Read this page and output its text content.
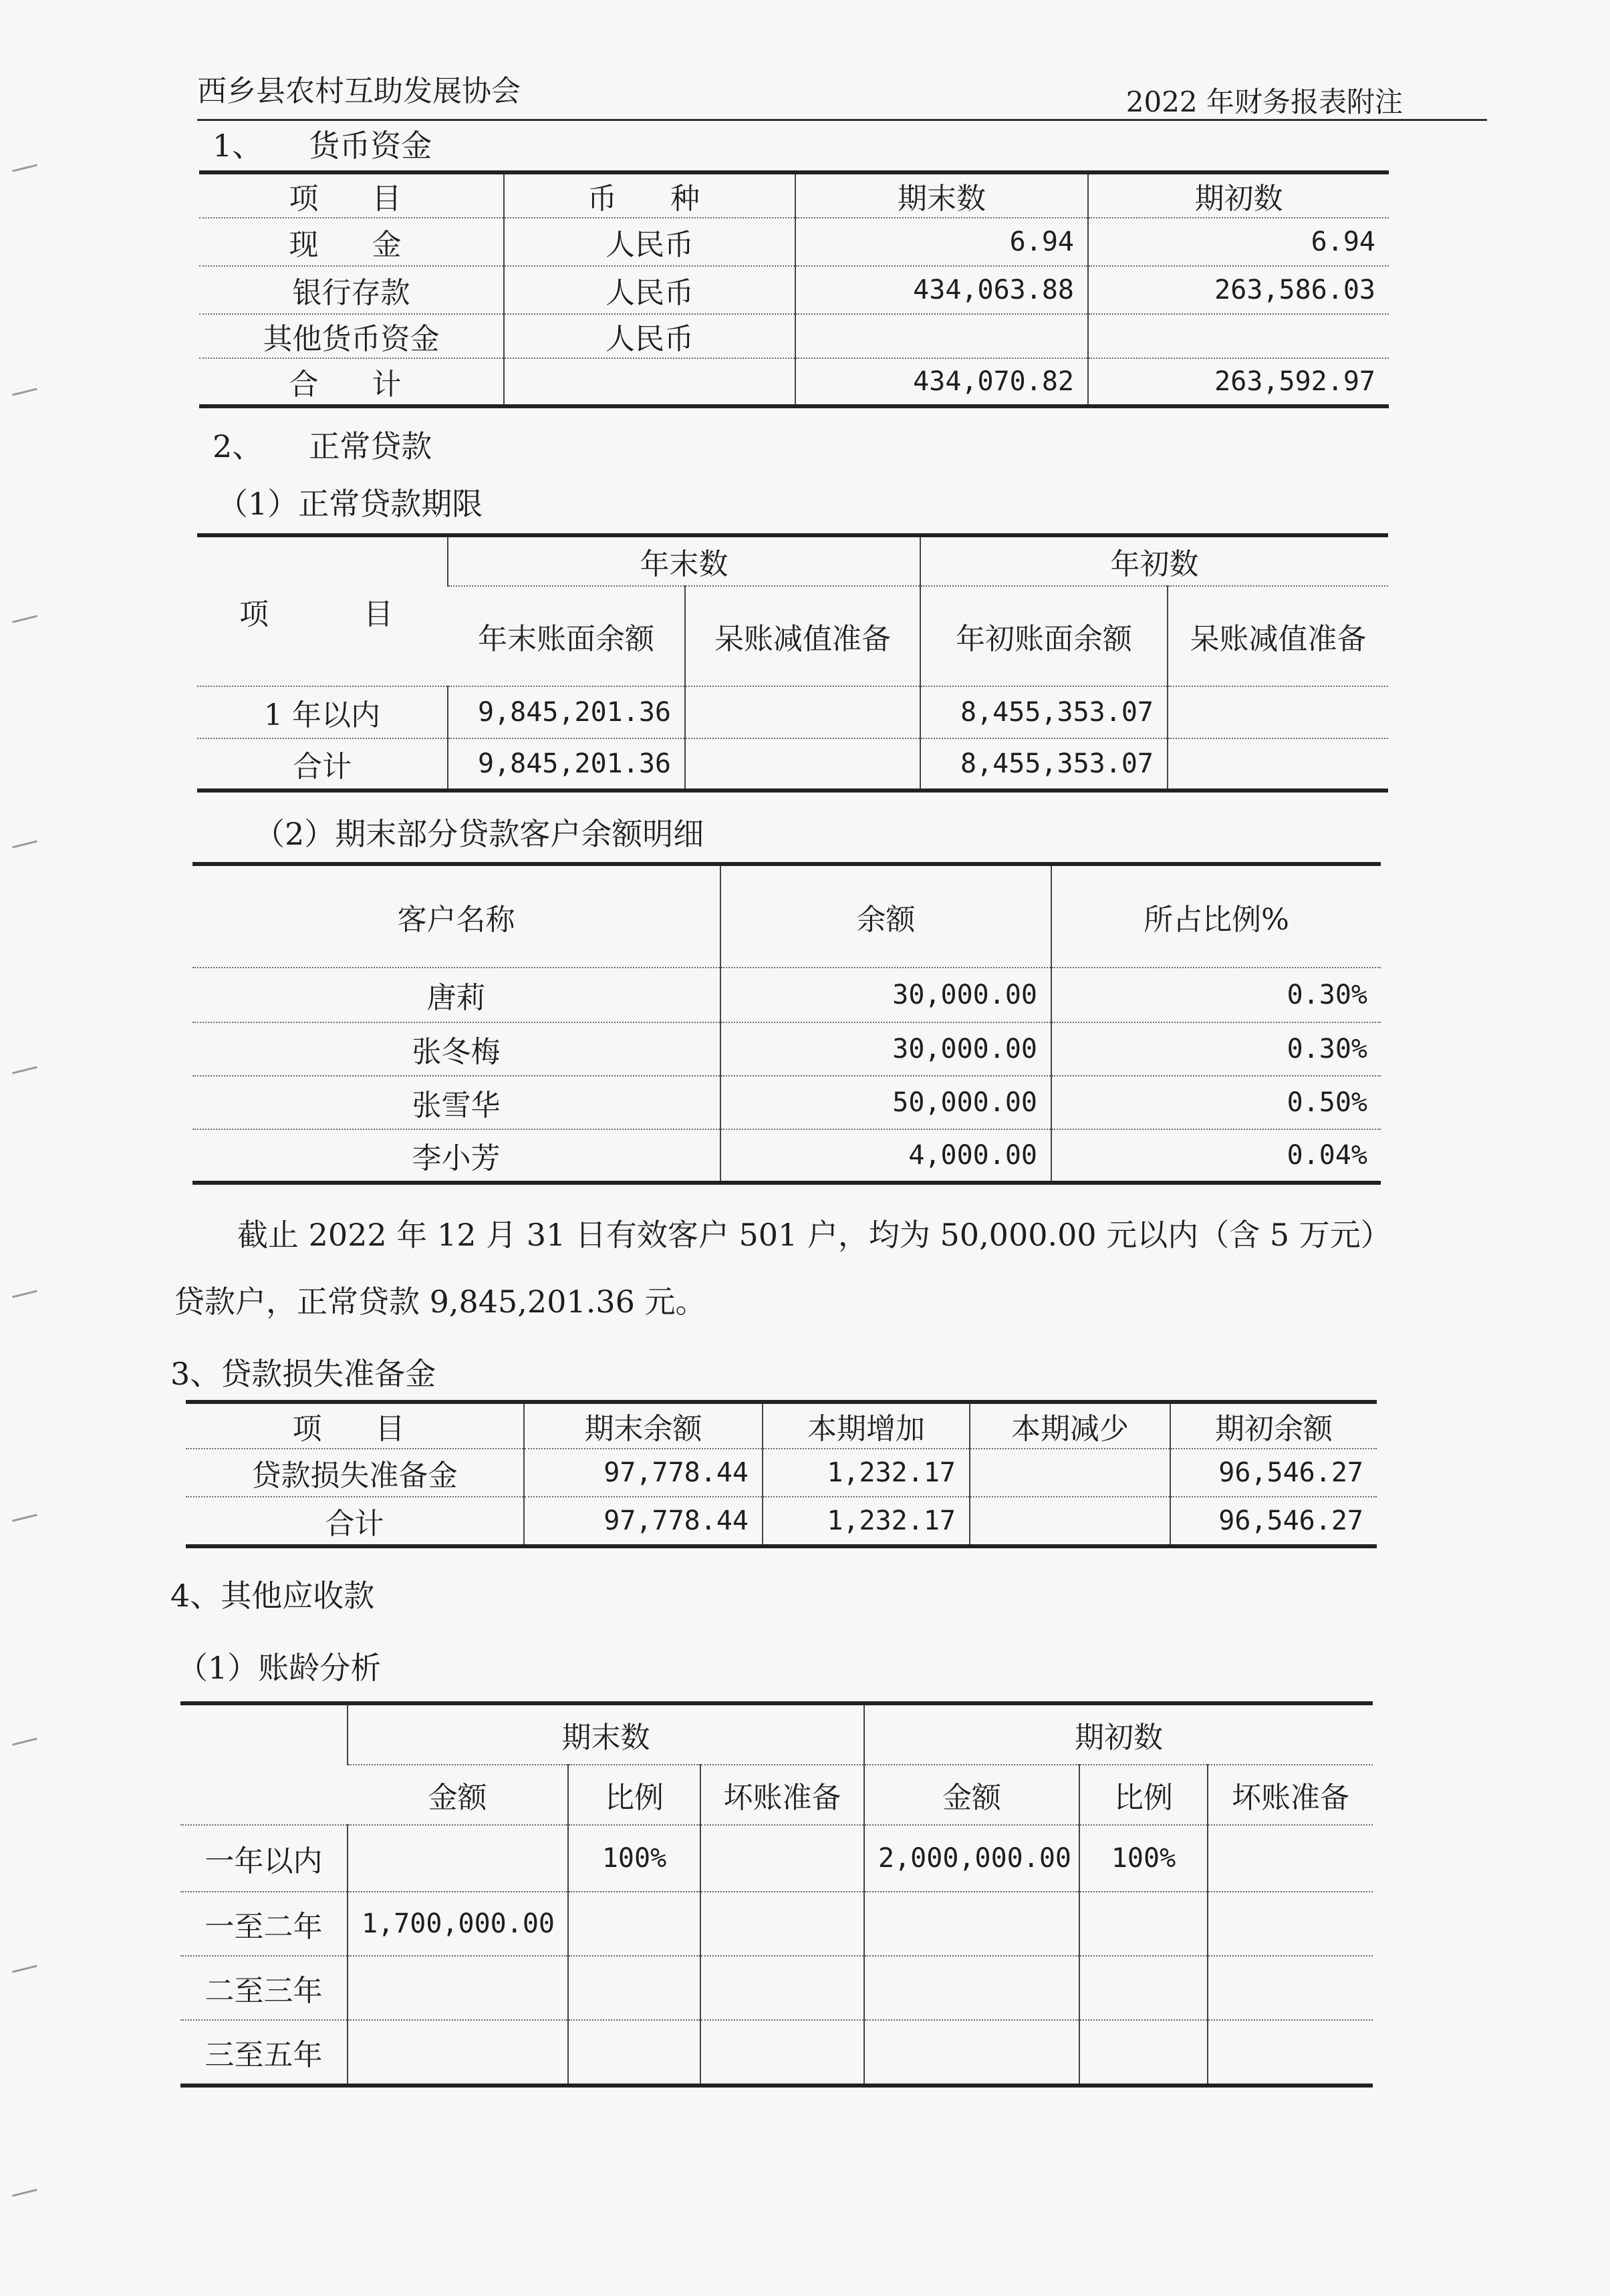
西乡县农村互助发展协会	2022 年财务报表附注
1、　　货币资金
项　目	币　种	期末数	期初数
现　金	人民币	6.94	6.94
银行存款	人民币	434,063.88	263,586.03
其他货币资金	人民币		
合　计		434,070.82	263,592.97
2、　　正常贷款
（1）正常贷款期限
项　　目	年末数		年初数	
	年末账面余额	呆账减值准备	年初账面余额	呆账减值准备
1 年以内	9,845,201.36		8,455,353.07	
合计	9,845,201.36		8,455,353.07	
（2）期末部分贷款客户余额明细
客户名称	余额	所占比例%
唐莉	30,000.00	0.30%
张冬梅	30,000.00	0.30%
张雪华	50,000.00	0.50%
李小芳	4,000.00	0.04%
截止 2022 年 12 月 31 日有效客户 501 户，均为 50,000.00 元以内（含 5 万元）
贷款户，正常贷款 9,845,201.36 元。
3、贷款损失准备金
项　目	期末余额	本期增加	本期减少	期初余额
贷款损失准备金	97,778.44	1,232.17		96,546.27
合计	97,778.44	1,232.17		96,546.27
4、其他应收款
（1）账龄分析
	期末数			期初数		
	金额	比例	坏账准备	金额	比例	坏账准备
一年以内		100%		2,000,000.00	100%	
一至二年	1,700,000.00					
二至三年						
三至五年						
